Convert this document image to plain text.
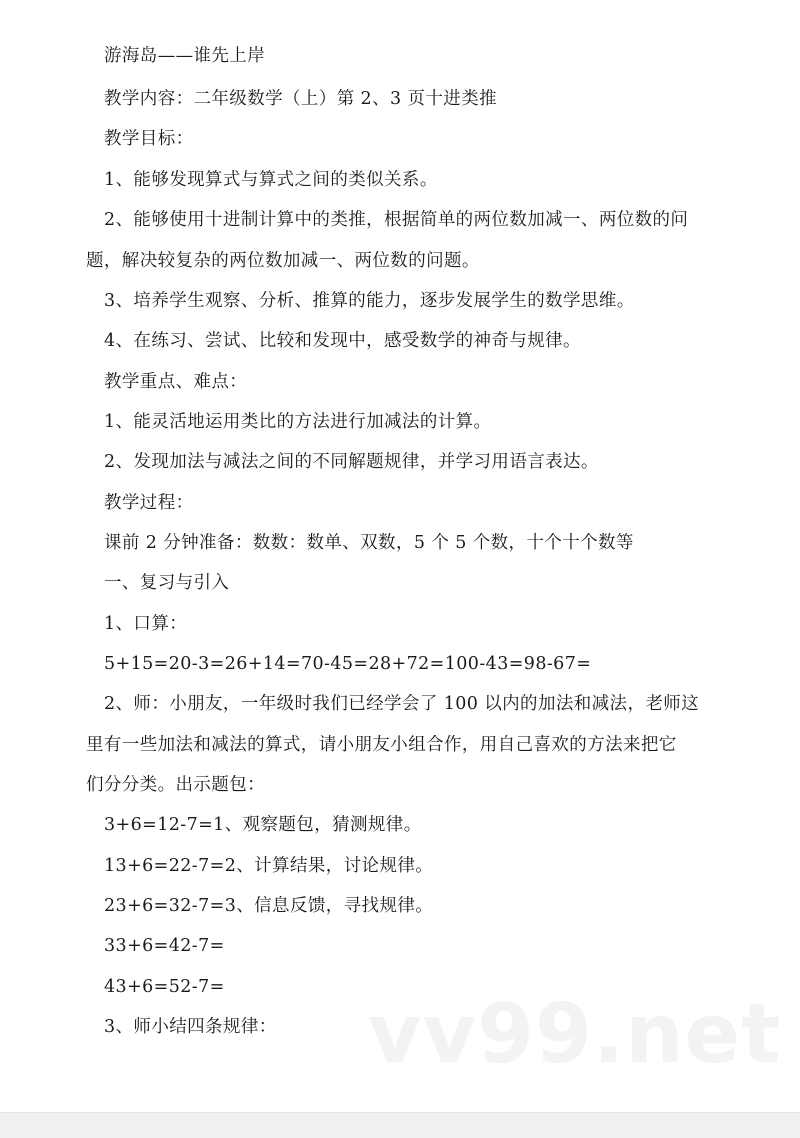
游海岛——谁先上岸
教学内容：二年级数学（上）第 2、3 页十进类推
教学目标：
1、能够发现算式与算式之间的类似关系。
2、能够使用十进制计算中的类推，根据简单的两位数加减一、两位数的问
题，解决较复杂的两位数加减一、两位数的问题。
3、培养学生观察、分析、推算的能力，逐步发展学生的数学思维。
4、在练习、尝试、比较和发现中，感受数学的神奇与规律。
教学重点、难点：
1、能灵活地运用类比的方法进行加减法的计算。
2、发现加法与减法之间的不同解题规律，并学习用语言表达。
教学过程：
课前 2 分钟准备：数数：数单、双数，5 个 5 个数，十个十个数等
一、复习与引入
1、口算：
5+15=20-3=26+14=70-45=28+72=100-43=98-67=
2、师：小朋友，一年级时我们已经学会了 100 以内的加法和减法，老师这
里有一些加法和减法的算式，请小朋友小组合作，用自己喜欢的方法来把它
们分分类。出示题包：
3+6=12-7=1、观察题包，猜测规律。
13+6=22-7=2、计算结果，讨论规律。
23+6=32-7=3、信息反馈，寻找规律。
33+6=42-7=
43+6=52-7=
3、师小结四条规律： vv99.net
